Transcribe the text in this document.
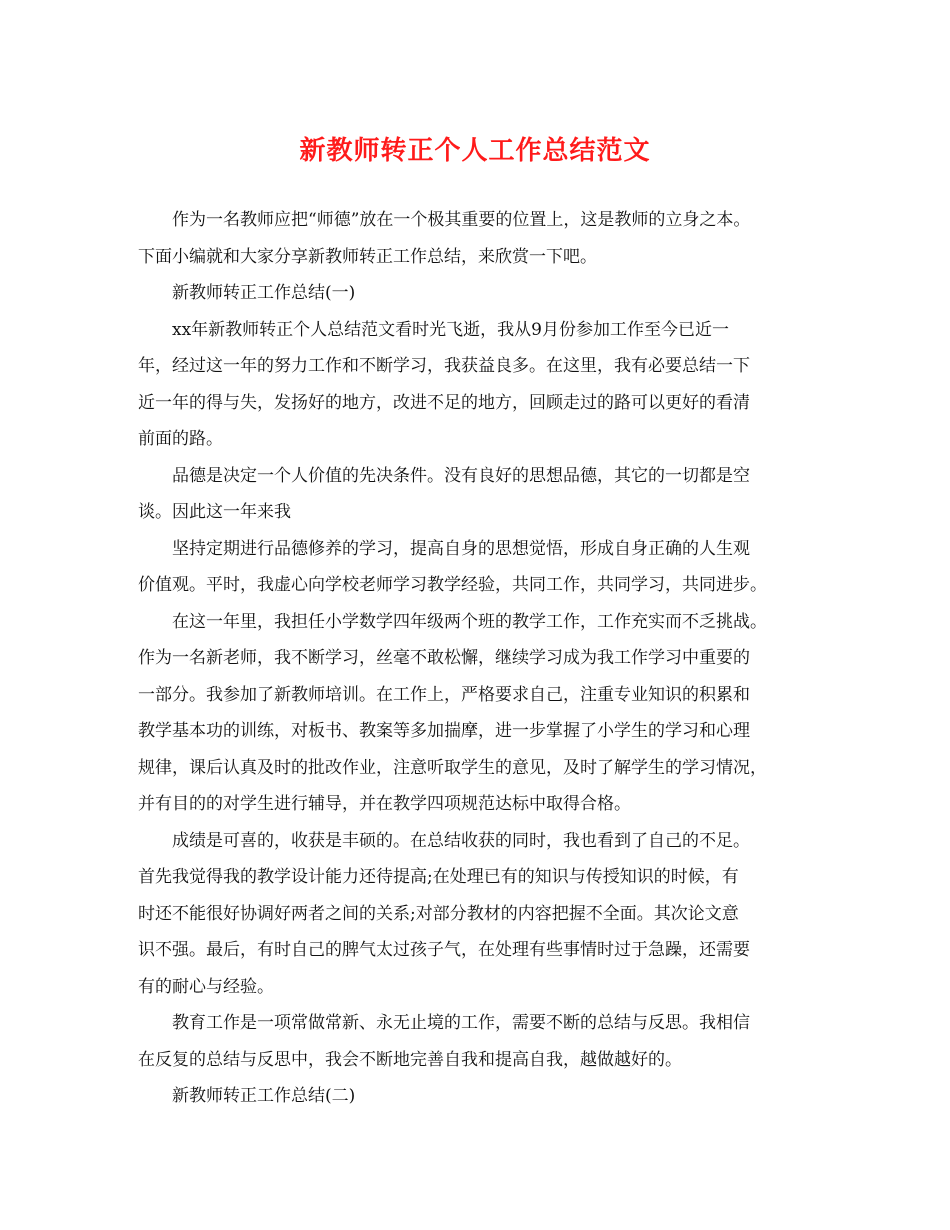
新教师转正个人工作总结范文
　　作为一名教师应把“师德”放在一个极其重要的位置上，这是教师的立身之本。
下面小编就和大家分享新教师转正工作总结，来欣赏一下吧。
　　新教师转正工作总结(一)
　　xx年新教师转正个人总结范文看时光飞逝，我从9月份参加工作至今已近一
年，经过这一年的努力工作和不断学习，我获益良多。在这里，我有必要总结一下
近一年的得与失，发扬好的地方，改进不足的地方，回顾走过的路可以更好的看清
前面的路。
　　品德是决定一个人价值的先决条件。没有良好的思想品德，其它的一切都是空
谈。因此这一年来我
　　坚持定期进行品德修养的学习，提高自身的思想觉悟，形成自身正确的人生观
价值观。平时，我虚心向学校老师学习教学经验，共同工作，共同学习，共同进步。
　　在这一年里，我担任小学数学四年级两个班的教学工作，工作充实而不乏挑战。
作为一名新老师，我不断学习，丝毫不敢松懈，继续学习成为我工作学习中重要的
一部分。我参加了新教师培训。在工作上，严格要求自己，注重专业知识的积累和
教学基本功的训练，对板书、教案等多加揣摩，进一步掌握了小学生的学习和心理
规律，课后认真及时的批改作业，注意听取学生的意见，及时了解学生的学习情况，
并有目的的对学生进行辅导，并在教学四项规范达标中取得合格。
　　成绩是可喜的，收获是丰硕的。在总结收获的同时，我也看到了自己的不足。
首先我觉得我的教学设计能力还待提高;在处理已有的知识与传授知识的时候，有
时还不能很好协调好两者之间的关系;对部分教材的内容把握不全面。其次论文意
识不强。最后，有时自己的脾气太过孩子气，在处理有些事情时过于急躁，还需要
有的耐心与经验。
　　教育工作是一项常做常新、永无止境的工作，需要不断的总结与反思。我相信
在反复的总结与反思中，我会不断地完善自我和提高自我，越做越好的。
　　新教师转正工作总结(二)
